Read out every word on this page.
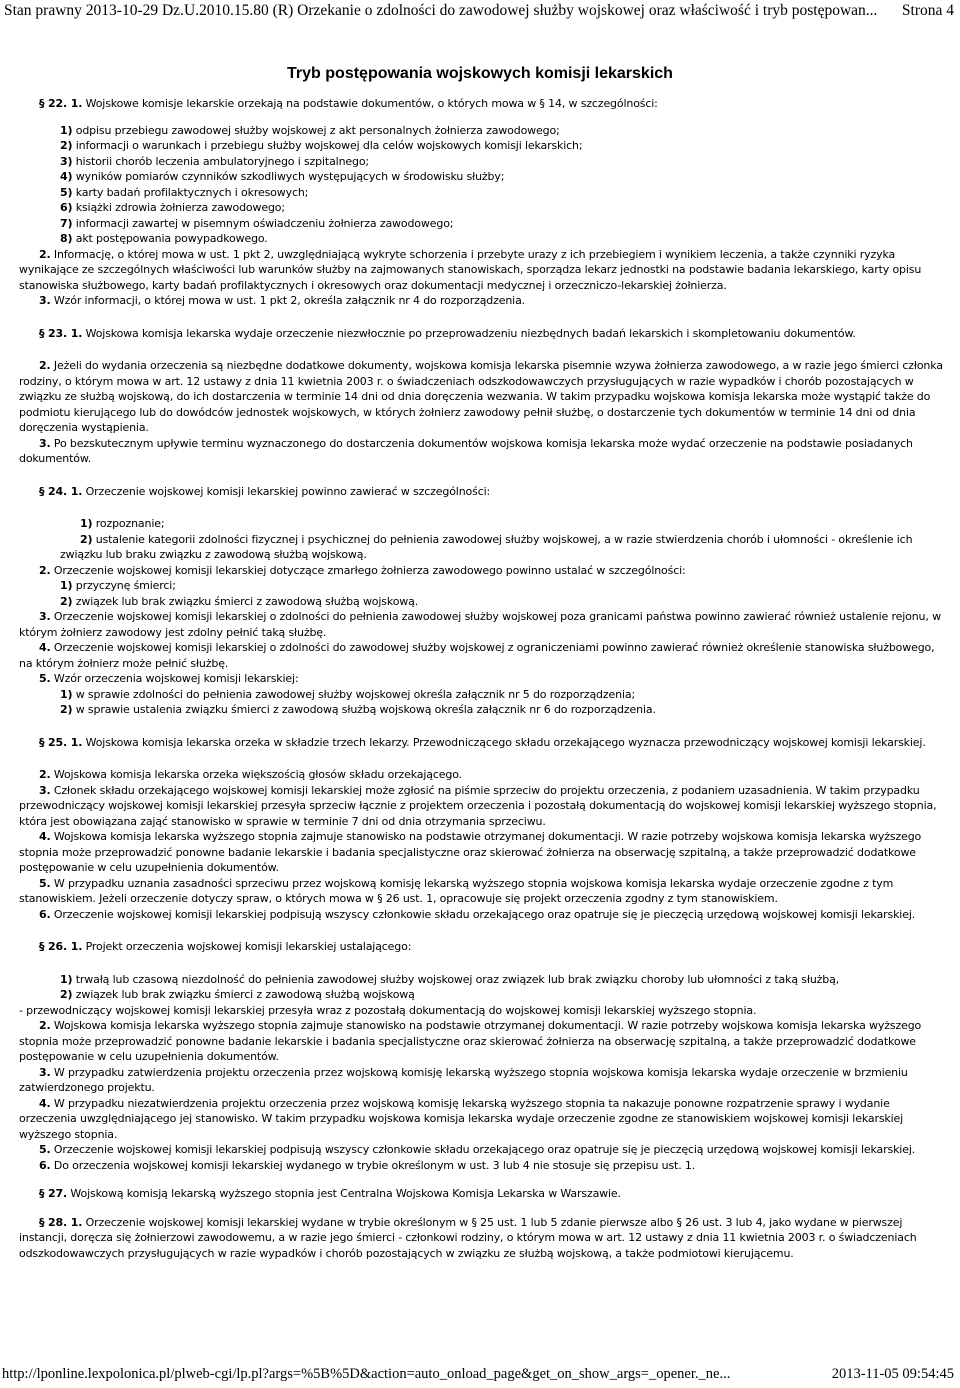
Stan prawny 2013-10-29 Dz.U.2010.15.80 (R) Orzekanie o zdolności do zawodowej służby wojskowej oraz właściwość i tryb postępowan... Strona 4
Tryb postępowania wojskowych komisji lekarskich

§ 22. 1. Wojskowe komisje lekarskie orzekają na podstawie dokumentów, o których mowa w § 14, w szczególności:

1) odpisu przebiegu zawodowej służby wojskowej z akt personalnych żołnierza zawodowego;

2) informacji o warunkach i przebiegu służby wojskowej dla celów wojskowych komisji lekarskich;

3) historii chorób leczenia ambulatoryjnego i szpitalnego;

4) wyników pomiarów czynników szkodliwych występujących w środowisku służby;

5) karty badań profilaktycznych i okresowych;

6) książki zdrowia żołnierza zawodowego;

7) informacji zawartej w pisemnym oświadczeniu żołnierza zawodowego;

8) akt postępowania powypadkowego.

2. Informację, o której mowa w ust. 1 pkt 2, uwzględniającą wykryte schorzenia i przebyte urazy z ich przebiegiem i wynikiem leczenia, a także czynniki ryzyka wynikające ze szczególnych właściwości lub warunków służby na zajmowanych stanowiskach, sporządza lekarz jednostki na podstawie badania lekarskiego, karty opisu stanowiska służbowego, karty badań profilaktycznych i okresowych oraz dokumentacji medycznej i orzeczniczo-lekarskiej żołnierza.

3. Wzór informacji, o której mowa w ust. 1 pkt 2, określa załącznik nr 4 do rozporządzenia.

§ 23. 1. Wojskowa komisja lekarska wydaje orzeczenie niezwłocznie po przeprowadzeniu niezbędnych badań lekarskich i skompletowaniu dokumentów.

2. Jeżeli do wydania orzeczenia są niezbędne dodatkowe dokumenty, wojskowa komisja lekarska pisemnie wzywa żołnierza zawodowego, a w razie jego śmierci członka rodziny, o którym mowa w art. 12 ustawy z dnia 11 kwietnia 2003 r. o świadczeniach odszkodowawczych przysługujących w razie wypadków i chorób pozostających w związku ze służbą wojskową, do ich dostarczenia w terminie 14 dni od dnia doręczenia wezwania. W takim przypadku wojskowa komisja lekarska może wystąpić także do podmiotu kierującego lub do dowódców jednostek wojskowych, w których żołnierz zawodowy pełnił służbę, o dostarczenie tych dokumentów w terminie 14 dni od dnia doręczenia wystąpienia.

3. Po bezskutecznym upływie terminu wyznaczonego do dostarczenia dokumentów wojskowa komisja lekarska może wydać orzeczenie na podstawie posiadanych dokumentów.

§ 24. 1. Orzeczenie wojskowej komisji lekarskiej powinno zawierać w szczególności:

1) rozpoznanie;

2) ustalenie kategorii zdolności fizycznej i psychicznej do pełnienia zawodowej służby wojskowej, a w razie stwierdzenia chorób i ułomności - określenie ich związku lub braku związku z zawodową służbą wojskową.

2. Orzeczenie wojskowej komisji lekarskiej dotyczące zmarłego żołnierza zawodowego powinno ustalać w szczególności:

1) przyczynę śmierci;

2) związek lub brak związku śmierci z zawodową służbą wojskową.

3. Orzeczenie wojskowej komisji lekarskiej o zdolności do pełnienia zawodowej służby wojskowej poza granicami państwa powinno zawierać również ustalenie rejonu, w którym żołnierz zawodowy jest zdolny pełnić taką służbę.

4. Orzeczenie wojskowej komisji lekarskiej o zdolności do zawodowej służby wojskowej z ograniczeniami powinno zawierać również określenie stanowiska służbowego, na którym żołnierz może pełnić służbę.

5. Wzór orzeczenia wojskowej komisji lekarskiej:

1) w sprawie zdolności do pełnienia zawodowej służby wojskowej określa załącznik nr 5 do rozporządzenia;

2) w sprawie ustalenia związku śmierci z zawodową służbą wojskową określa załącznik nr 6 do rozporządzenia.

§ 25. 1. Wojskowa komisja lekarska orzeka w składzie trzech lekarzy. Przewodniczącego składu orzekającego wyznacza przewodniczący wojskowej komisji lekarskiej.

2. Wojskowa komisja lekarska orzeka większością głosów składu orzekającego.

3. Członek składu orzekającego wojskowej komisji lekarskiej może zgłosić na piśmie sprzeciw do projektu orzeczenia, z podaniem uzasadnienia. W takim przypadku przewodniczący wojskowej komisji lekarskiej przesyła sprzeciw łącznie z projektem orzeczenia i pozostałą dokumentacją do wojskowej komisji lekarskiej wyższego stopnia, która jest obowiązana zająć stanowisko w sprawie w terminie 7 dni od dnia otrzymania sprzeciwu.

4. Wojskowa komisja lekarska wyższego stopnia zajmuje stanowisko na podstawie otrzymanej dokumentacji. W razie potrzeby wojskowa komisja lekarska wyższego stopnia może przeprowadzić ponowne badanie lekarskie i badania specjalistyczne oraz skierować żołnierza na obserwację szpitalną, a także przeprowadzić dodatkowe postępowanie w celu uzupełnienia dokumentów.

5. W przypadku uznania zasadności sprzeciwu przez wojskową komisję lekarską wyższego stopnia wojskowa komisja lekarska wydaje orzeczenie zgodne z tym stanowiskiem. Jeżeli orzeczenie dotyczy spraw, o których mowa w § 26 ust. 1, opracowuje się projekt orzeczenia zgodny z tym stanowiskiem.

6. Orzeczenie wojskowej komisji lekarskiej podpisują wszyscy członkowie składu orzekającego oraz opatruje się je pieczęcią urzędową wojskowej komisji lekarskiej.

§ 26. 1. Projekt orzeczenia wojskowej komisji lekarskiej ustalającego:

1) trwałą lub czasową niezdolność do pełnienia zawodowej służby wojskowej oraz związek lub brak związku choroby lub ułomności z taką służbą,

2) związek lub brak związku śmierci z zawodową służbą wojskową

- przewodniczący wojskowej komisji lekarskiej przesyła wraz z pozostałą dokumentacją do wojskowej komisji lekarskiej wyższego stopnia.

2. Wojskowa komisja lekarska wyższego stopnia zajmuje stanowisko na podstawie otrzymanej dokumentacji. W razie potrzeby wojskowa komisja lekarska wyższego stopnia może przeprowadzić ponowne badanie lekarskie i badania specjalistyczne oraz skierować żołnierza na obserwację szpitalną, a także przeprowadzić dodatkowe postępowanie w celu uzupełnienia dokumentów.

3. W przypadku zatwierdzenia projektu orzeczenia przez wojskową komisję lekarską wyższego stopnia wojskowa komisja lekarska wydaje orzeczenie w brzmieniu zatwierdzonego projektu.

4. W przypadku niezatwierdzenia projektu orzeczenia przez wojskową komisję lekarską wyższego stopnia ta nakazuje ponowne rozpatrzenie sprawy i wydanie orzeczenia uwzględniającego jej stanowisko. W takim przypadku wojskowa komisja lekarska wydaje orzeczenie zgodne ze stanowiskiem wojskowej komisji lekarskiej wyższego stopnia.

5. Orzeczenie wojskowej komisji lekarskiej podpisują wszyscy członkowie składu orzekającego oraz opatruje się je pieczęcią urzędową wojskowej komisji lekarskiej.

6. Do orzeczenia wojskowej komisji lekarskiej wydanego w trybie określonym w ust. 3 lub 4 nie stosuje się przepisu ust. 1.

§ 27. Wojskową komisją lekarską wyższego stopnia jest Centralna Wojskowa Komisja Lekarska w Warszawie.

§ 28. 1. Orzeczenie wojskowej komisji lekarskiej wydane w trybie określonym w § 25 ust. 1 lub 5 zdanie pierwsze albo § 26 ust. 3 lub 4, jako wydane w pierwszej instancji, doręcza się żołnierzowi zawodowemu, a w razie jego śmierci - członkowi rodziny, o którym mowa w art. 12 ustawy z dnia 11 kwietnia 2003 r. o świadczeniach odszkodowawczych przysługujących w razie wypadków i chorób pozostających w związku ze służbą wojskową, a także podmiotowi kierującemu.

http://lponline.lexpolonica.pl/plweb-cgi/lp.pl?args=%5B%5D&action=auto_onload_page&get_on_show_args=_opener._ne...	2013-11-05 09:54:45
